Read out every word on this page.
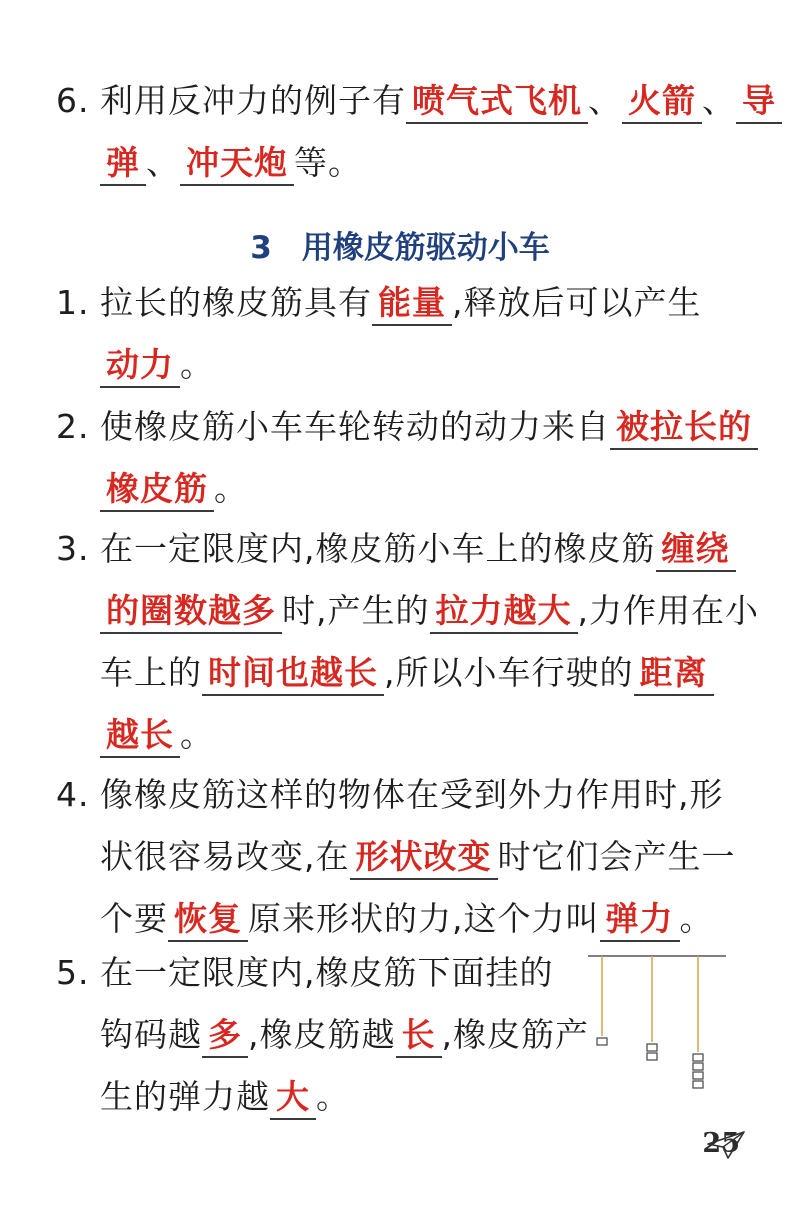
6. 利用反冲力的例子有 喷气式飞机 、 火箭 、 导
弹 、 冲天炮 等。
3 用橡皮筋驱动小车
1. 拉长的橡皮筋具有 能量 ,释放后可以产生
动力 。
2. 使橡皮筋小车车轮转动的动力来自 被拉长的
橡皮筋 。
3. 在一定限度内,橡皮筋小车上的橡皮筋 缠绕
的圈数越多 时,产生的 拉力越大 ,力作用在小
车上的 时间也越长 ,所以小车行驶的 距离
越长 。
4. 像橡皮筋这样的物体在受到外力作用时,形
状很容易改变,在 形状改变 时它们会产生一
个要 恢复 原来形状的力,这个力叫 弹力 。
5. 在一定限度内,橡皮筋下面挂的
钩码越 多 ,橡皮筋越 长 ,橡皮筋产
生的弹力越 大 。
25
